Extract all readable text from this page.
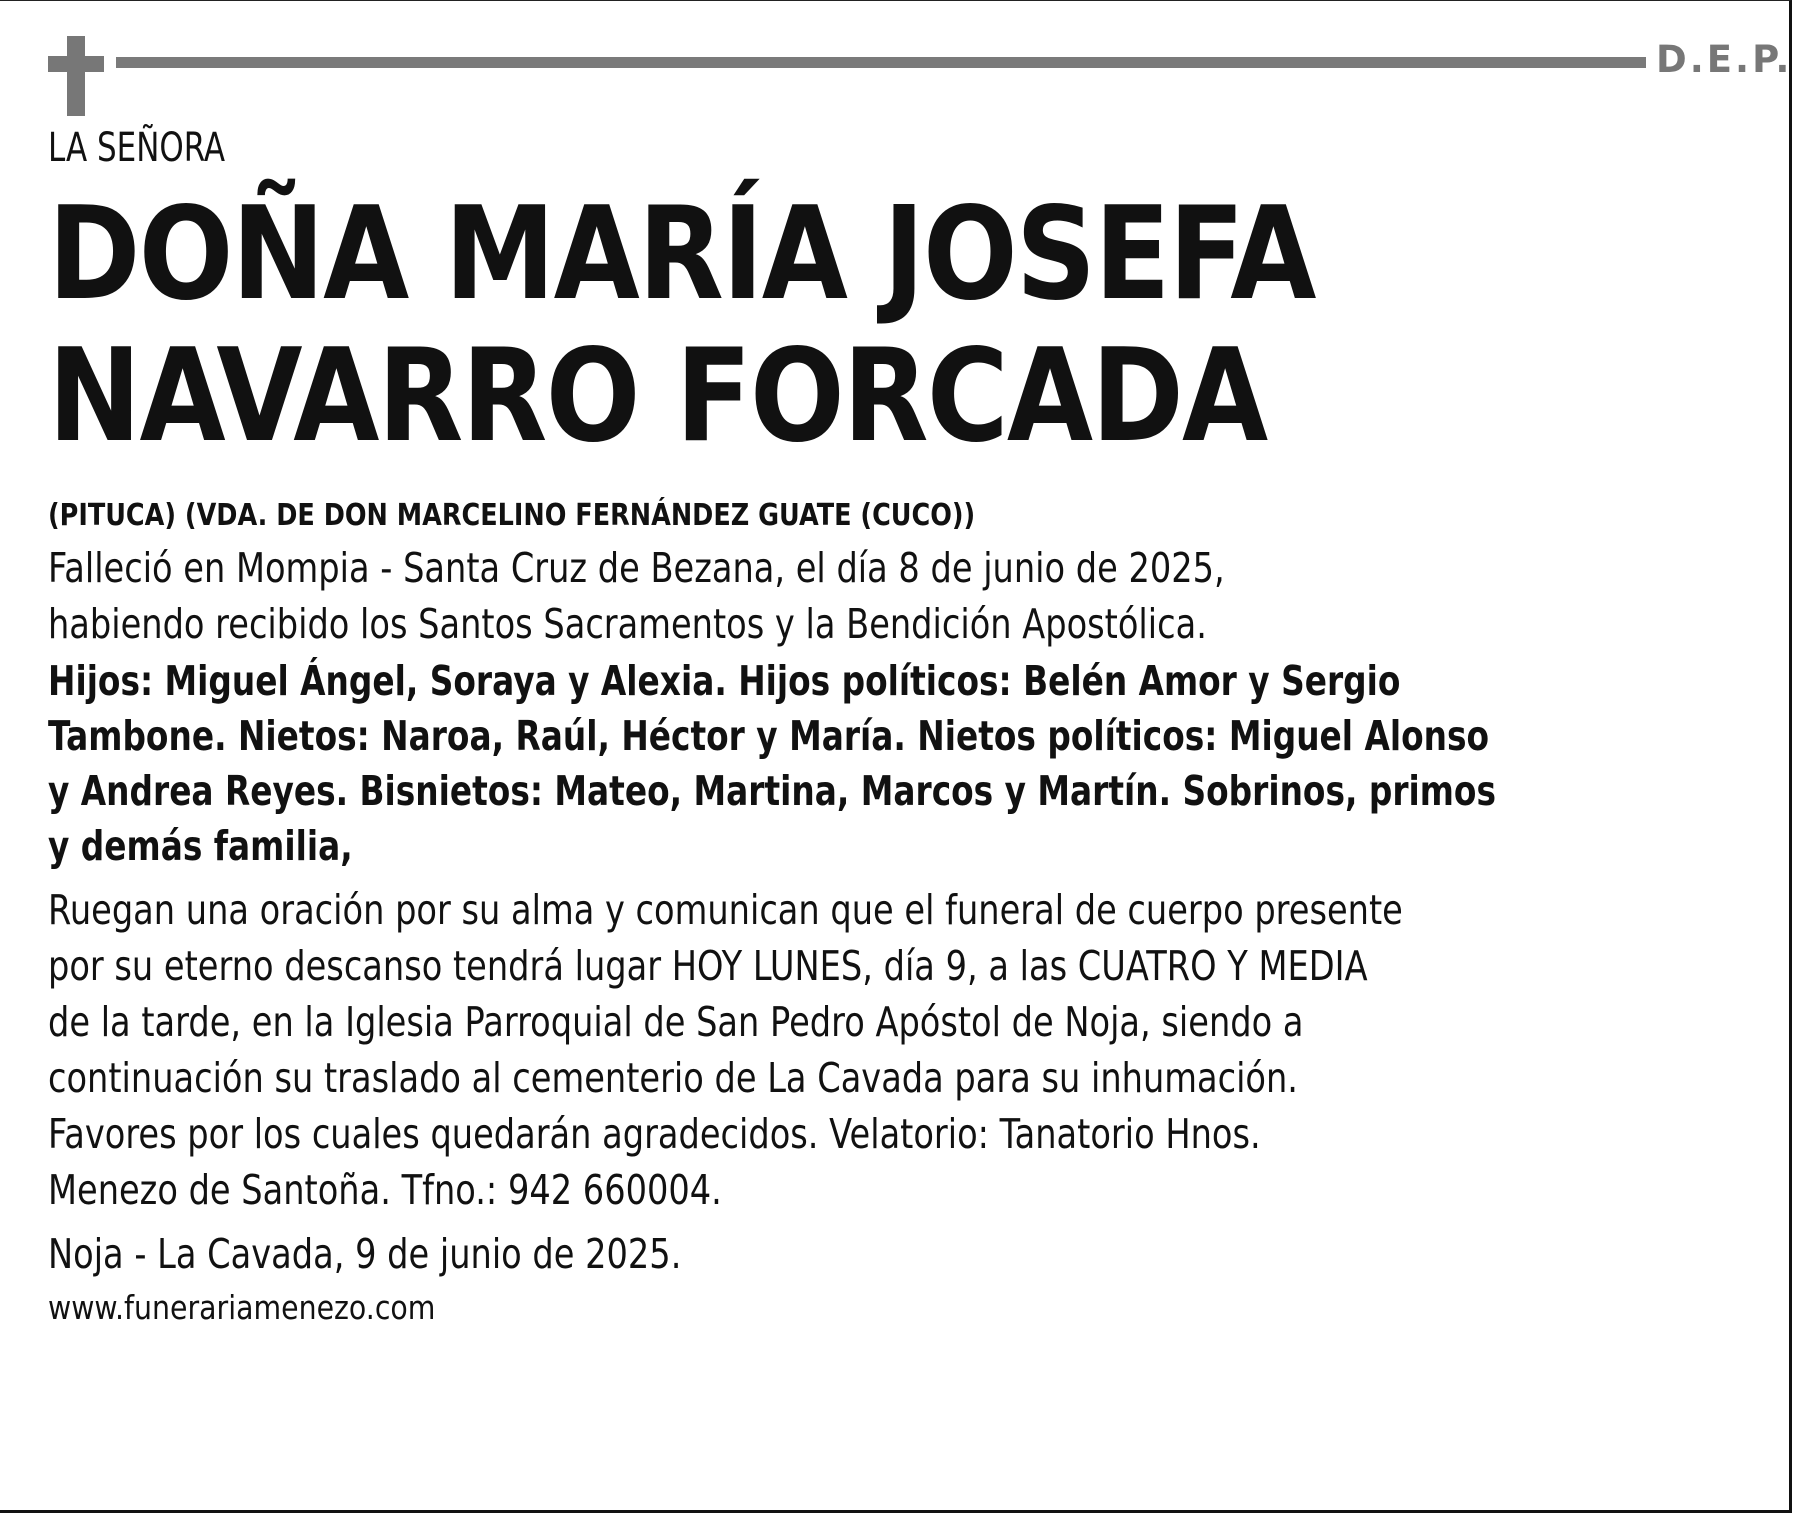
D.E.P.

LA SEÑORA

DOÑA MARÍA JOSEFA
NAVARRO FORCADA

(PITUCA) (VDA. DE DON MARCELINO FERNÁNDEZ GUATE (CUCO))

Falleció en Mompia - Santa Cruz de Bezana, el día 8 de junio de 2025,
habiendo recibido los Santos Sacramentos y la Bendición Apostólica.
Hijos: Miguel Ángel, Soraya y Alexia. Hijos políticos: Belén Amor y Sergio
Tambone. Nietos: Naroa, Raúl, Héctor y María. Nietos políticos: Miguel Alonso
y Andrea Reyes. Bisnietos: Mateo, Martina, Marcos y Martín. Sobrinos, primos
y demás familia,
Ruegan una oración por su alma y comunican que el funeral de cuerpo presente
por su eterno descanso tendrá lugar HOY LUNES, día 9, a las CUATRO Y MEDIA
de la tarde, en la Iglesia Parroquial de San Pedro Apóstol de Noja, siendo a
continuación su traslado al cementerio de La Cavada para su inhumación.
Favores por los cuales quedarán agradecidos. Velatorio: Tanatorio Hnos.
Menezo de Santoña. Tfno.: 942 660004.

Noja - La Cavada, 9 de junio de 2025.

www.funerariamenezo.com
